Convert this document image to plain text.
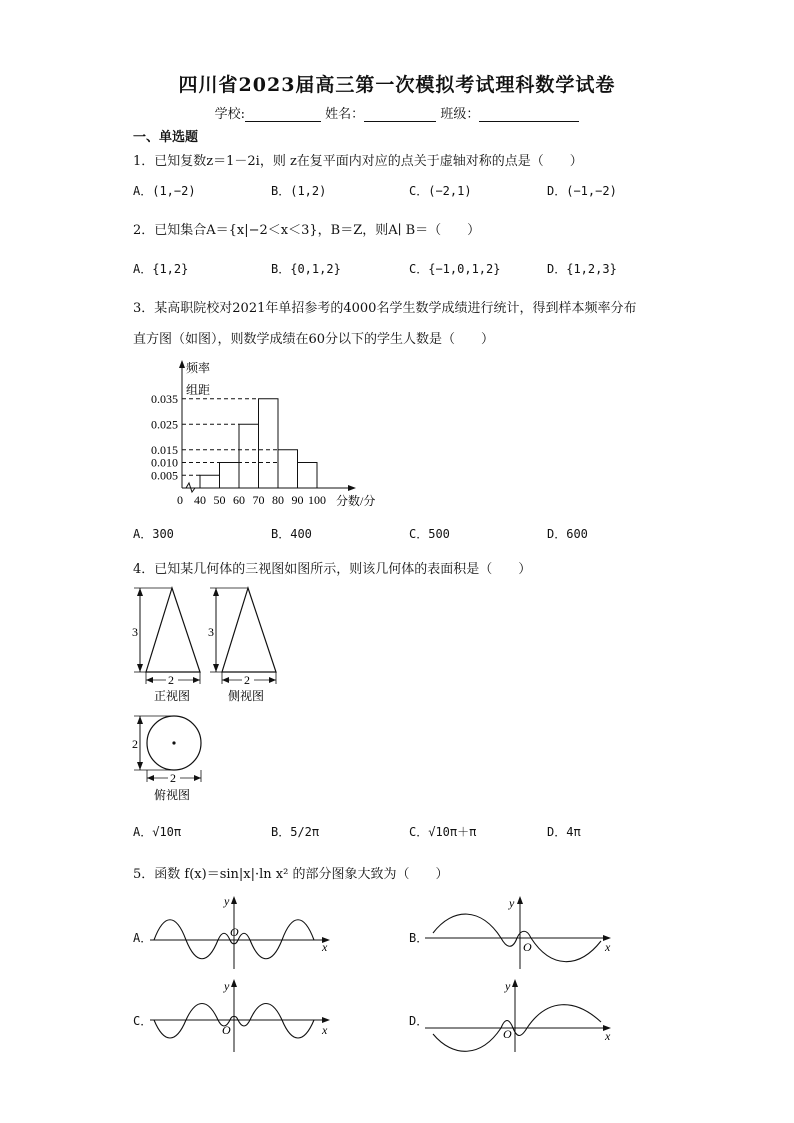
四川省2023届高三第一次模拟考试理科数学试卷
学校:	姓名：	班级：
一、单选题
1．已知复数z＝1－2i，则 z在复平面内对应的点关于虚轴对称的点是（　　）
A．(1,−2)	B．(1,2)	C．(−2,1)	D．(−1,−2)
2．已知集合A＝{x|−2＜x＜3}，B＝Z，则A∣ B＝（　　）
A．{1,2}	B．{0,1,2}	C．{−1,0,1,2}	D．{1,2,3}
3．某高职院校对2021年单招参考的4000名学生数学成绩进行统计，得到样本频率分布
直方图（如图），则数学成绩在60分以下的学生人数是（　　）
频率
组距
分数/分
0.035
0.025
0.015
0.010
0.005
0 40 50 60 70 80 90 100
A．300	B．400	C．500	D．600
4．已知某几何体的三视图如图所示，则该几何体的表面积是（　　）
3
2
正视图
3
2
侧视图
2
2
俯视图
A．√10π	B．5/2π	C．√10π＋π	D．4π
5．函数 f(x)＝sin|x|·ln x² 的部分图象大致为（　　）
A．	B．
C．	D．
x
y
O
x
y
O
x
y
O	x
y
O
